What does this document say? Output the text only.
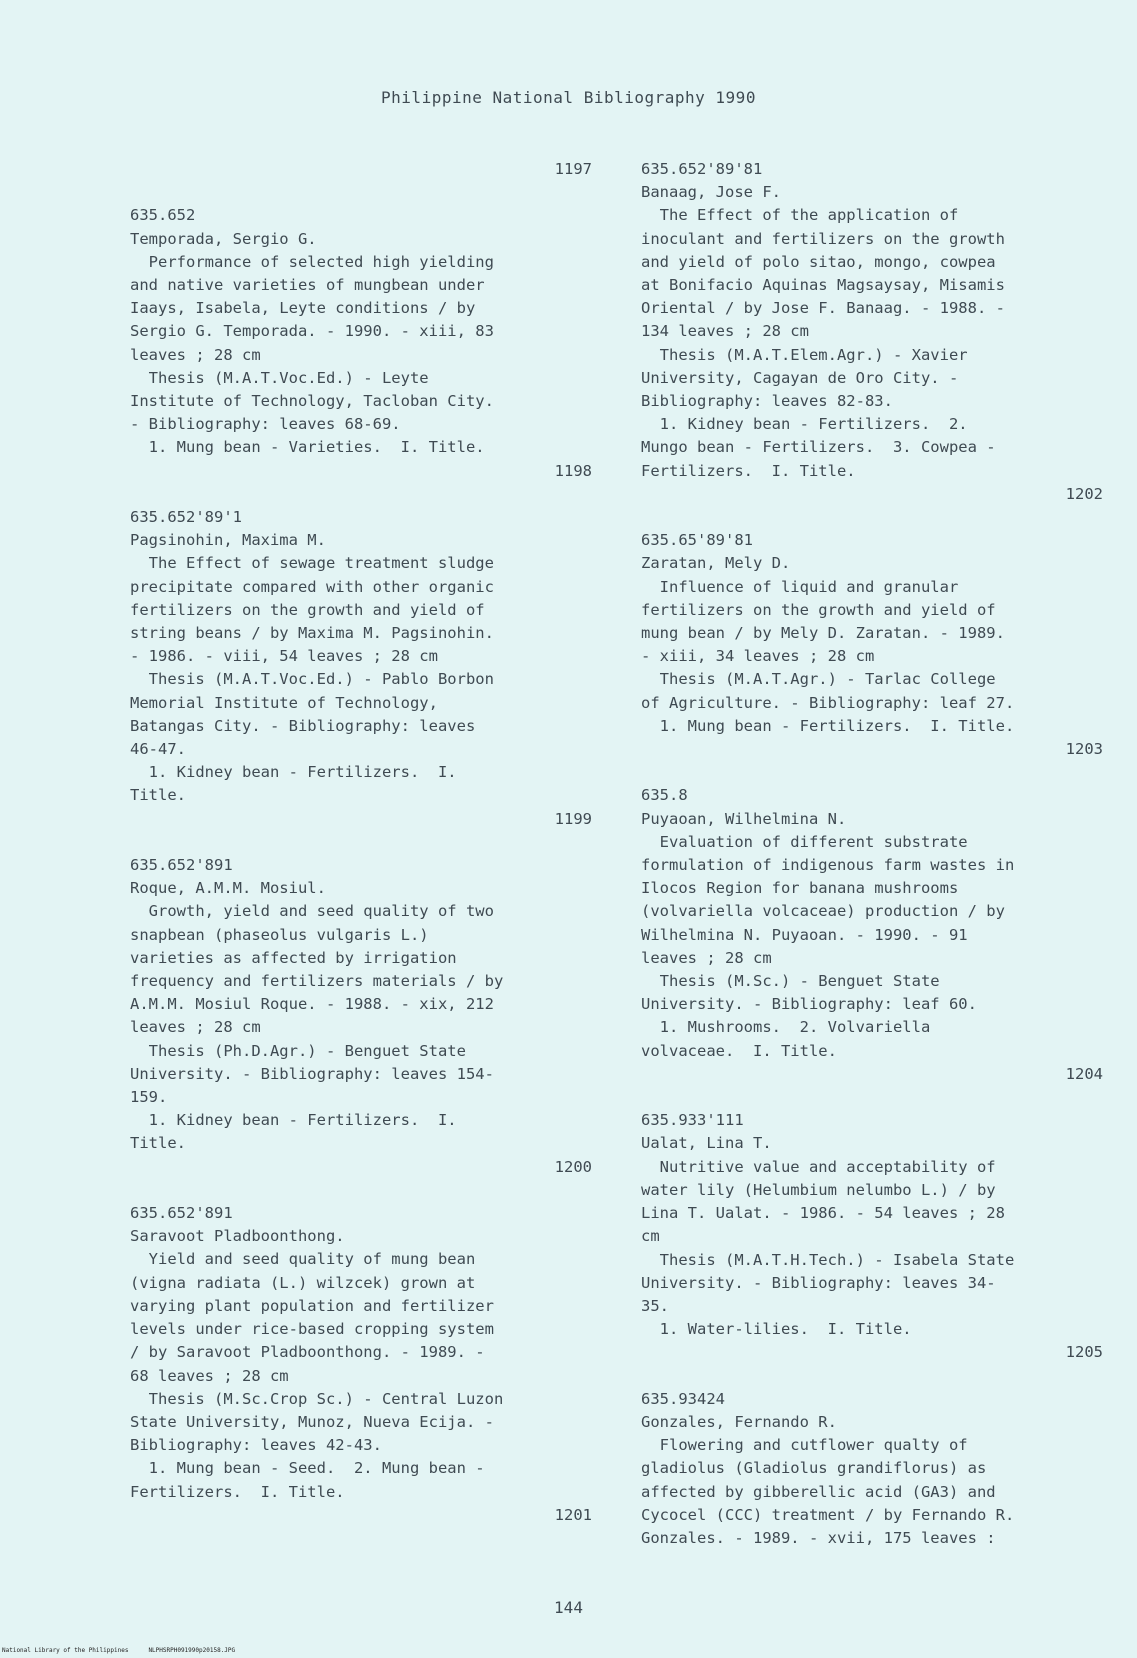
Philippine National Bibliography 1990
1197
635.652
Temporada, Sergio G.
Performance of selected high yielding
and native varieties of mungbean under
Iaays, Isabela, Leyte conditions / by
Sergio G. Temporada. - 1990. - xiii, 83
leaves ; 28 cm
Thesis (M.A.T.Voc.Ed.) - Leyte
Institute of Technology, Tacloban City.
- Bibliography: leaves 68-69.
1. Mung bean - Varieties.  I. Title.
1198
635.652'89'1
Pagsinohin, Maxima M.
The Effect of sewage treatment sludge
precipitate compared with other organic
fertilizers on the growth and yield of
string beans / by Maxima M. Pagsinohin.
- 1986. - viii, 54 leaves ; 28 cm
Thesis (M.A.T.Voc.Ed.) - Pablo Borbon
Memorial Institute of Technology,
Batangas City. - Bibliography: leaves
46-47.
1. Kidney bean - Fertilizers.  I.
Title.
1199
635.652'891
Roque, A.M.M. Mosiul.
Growth, yield and seed quality of two
snapbean (phaseolus vulgaris L.)
varieties as affected by irrigation
frequency and fertilizers materials / by
A.M.M. Mosiul Roque. - 1988. - xix, 212
leaves ; 28 cm
Thesis (Ph.D.Agr.) - Benguet State
University. - Bibliography: leaves 154-
159.
1. Kidney bean - Fertilizers.  I.
Title.
1200
635.652'891
Saravoot Pladboonthong.
Yield and seed quality of mung bean
(vigna radiata (L.) wilzcek) grown at
varying plant population and fertilizer
levels under rice-based cropping system
/ by Saravoot Pladboonthong. - 1989. -
68 leaves ; 28 cm
Thesis (M.Sc.Crop Sc.) - Central Luzon
State University, Munoz, Nueva Ecija. -
Bibliography: leaves 42-43.
1. Mung bean - Seed.  2. Mung bean -
Fertilizers.  I. Title.
1201
635.652'89'81
Banaag, Jose F.
The Effect of the application of
inoculant and fertilizers on the growth
and yield of polo sitao, mongo, cowpea
at Bonifacio Aquinas Magsaysay, Misamis
Oriental / by Jose F. Banaag. - 1988. -
134 leaves ; 28 cm
Thesis (M.A.T.Elem.Agr.) - Xavier
University, Cagayan de Oro City. -
Bibliography: leaves 82-83.
1. Kidney bean - Fertilizers.  2.
Mungo bean - Fertilizers.  3. Cowpea -
Fertilizers.  I. Title.
1202
635.65'89'81
Zaratan, Mely D.
Influence of liquid and granular
fertilizers on the growth and yield of
mung bean / by Mely D. Zaratan. - 1989.
- xiii, 34 leaves ; 28 cm
Thesis (M.A.T.Agr.) - Tarlac College
of Agriculture. - Bibliography: leaf 27.
1. Mung bean - Fertilizers.  I. Title.
1203
635.8
Puyaoan, Wilhelmina N.
Evaluation of different substrate
formulation of indigenous farm wastes in
Ilocos Region for banana mushrooms
(volvariella volcaceae) production / by
Wilhelmina N. Puyaoan. - 1990. - 91
leaves ; 28 cm
Thesis (M.Sc.) - Benguet State
University. - Bibliography: leaf 60.
1. Mushrooms.  2. Volvariella
volvaceae.  I. Title.
1204
635.933'111
Ualat, Lina T.
Nutritive value and acceptability of
water lily (Helumbium nelumbo L.) / by
Lina T. Ualat. - 1986. - 54 leaves ; 28
cm
Thesis (M.A.T.H.Tech.) - Isabela State
University. - Bibliography: leaves 34-
35.
1. Water-lilies.  I. Title.
1205
635.93424
Gonzales, Fernando R.
Flowering and cutflower qualty of
gladiolus (Gladiolus grandiflorus) as
affected by gibberellic acid (GA3) and
Cycocel (CCC) treatment / by Fernando R.
Gonzales. - 1989. - xvii, 175 leaves :
144
National Library of the Philippines	NLPHSRPH091990p20158.JPG
